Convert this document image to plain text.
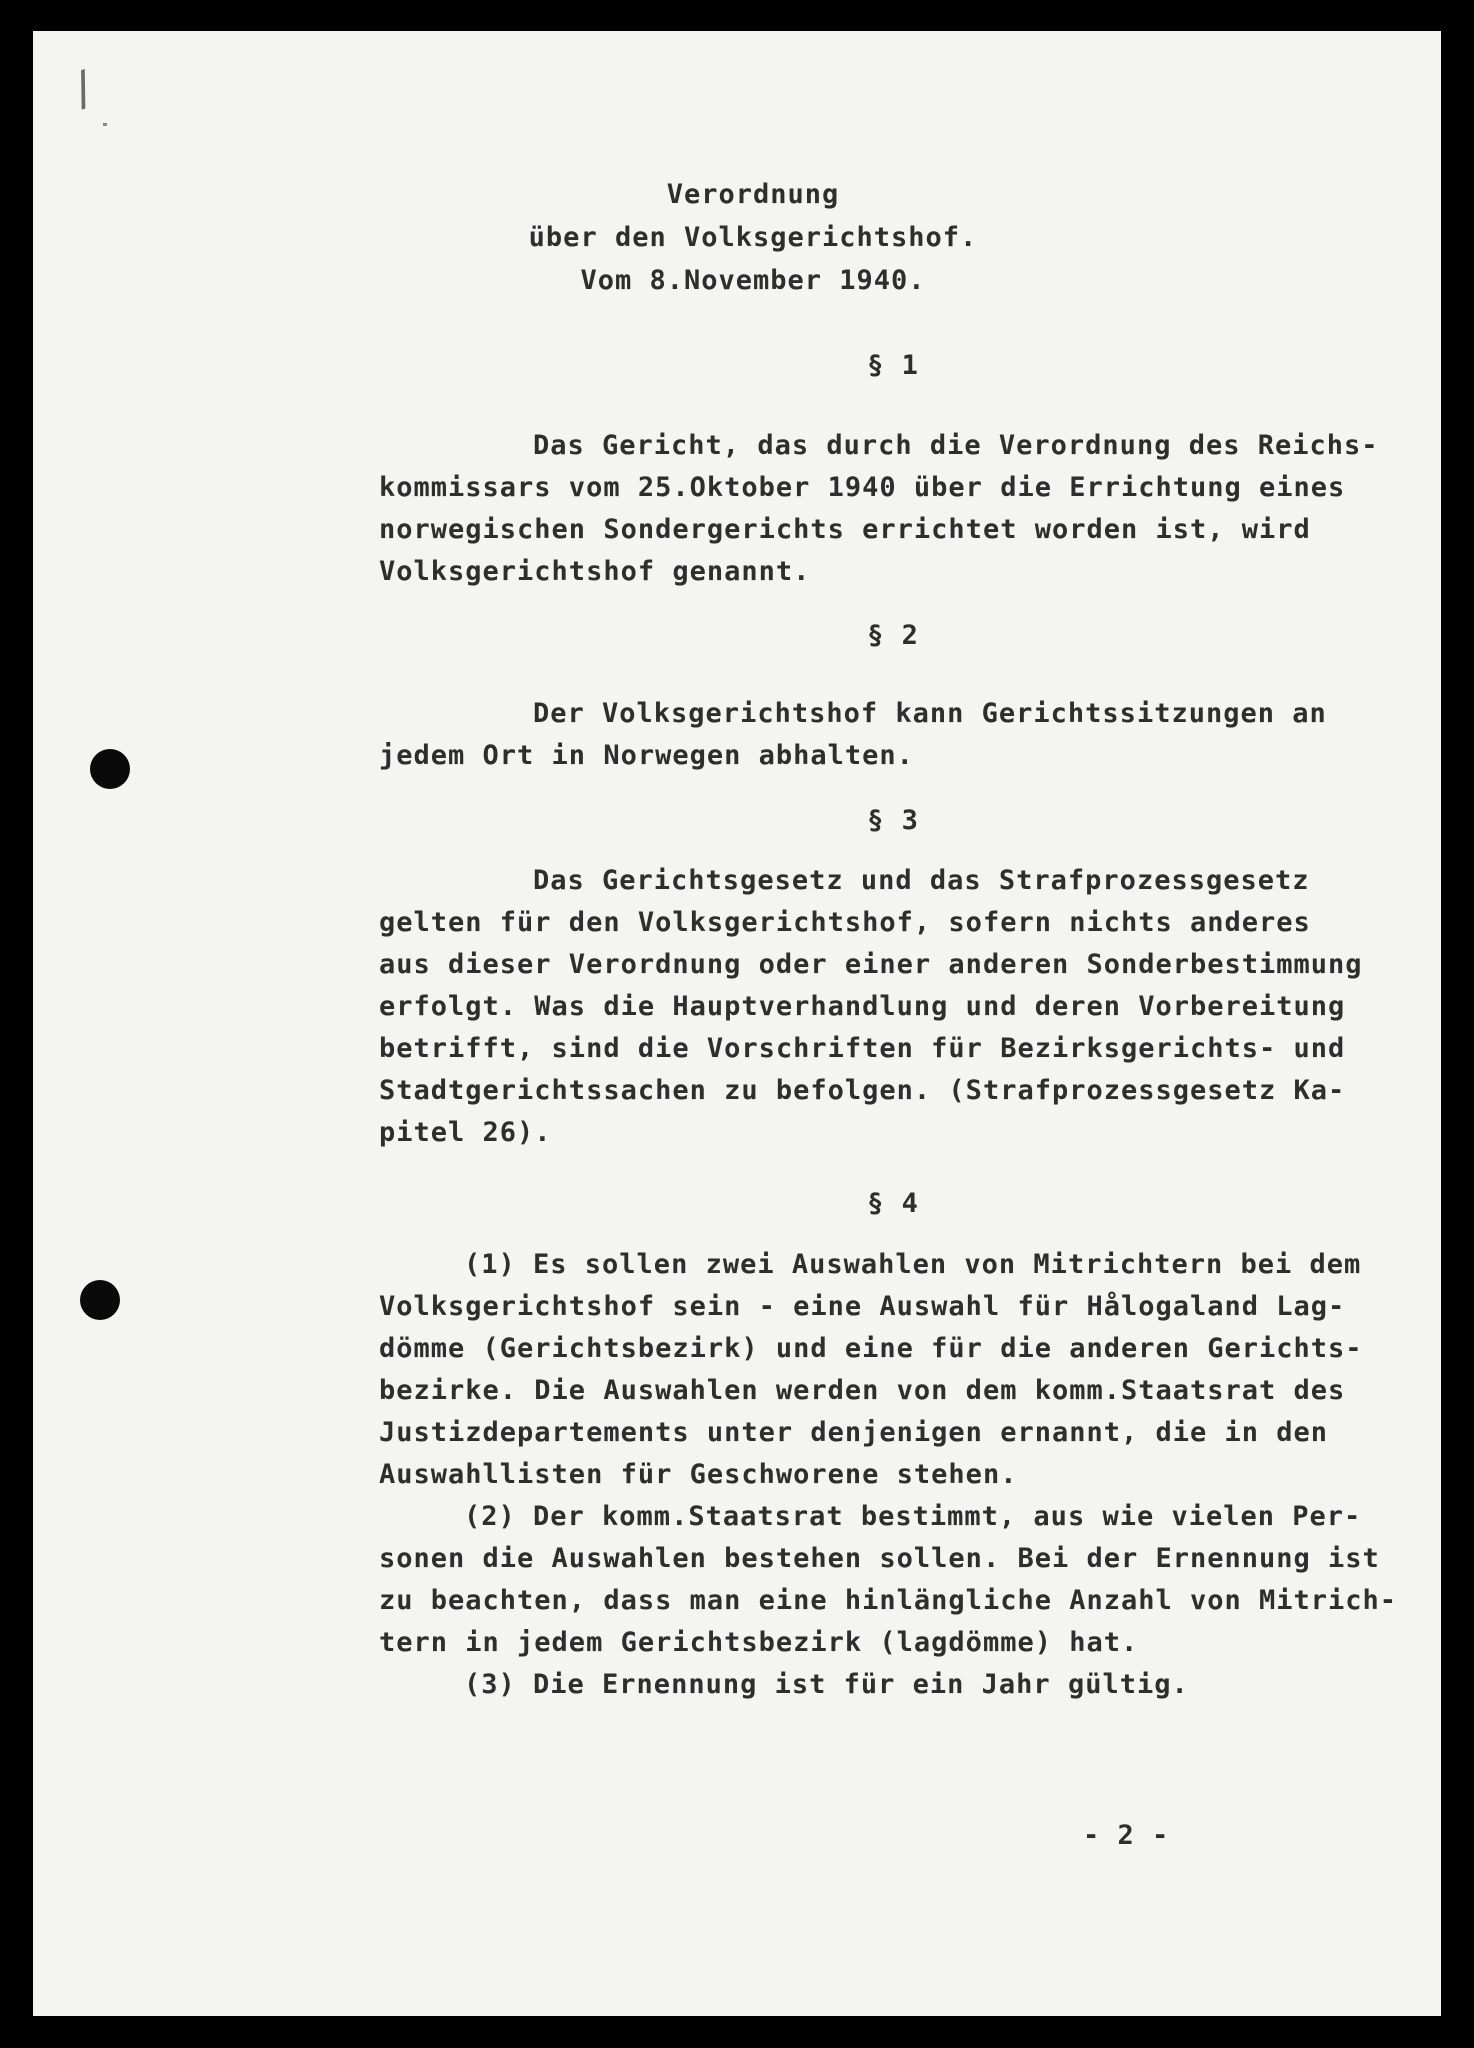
/
Verordnung
über den Volksgerichtshof.
Vom 8.November 1940.
§ 1
Das Gericht, das durch die Verordnung des Reichs-
kommissars vom 25.Oktober 1940 über die Errichtung eines
norwegischen Sondergerichts errichtet worden ist, wird
Volksgerichtshof genannt.
§ 2
Der Volksgerichtshof kann Gerichtssitzungen an
jedem Ort in Norwegen abhalten.
§ 3
Das Gerichtsgesetz und das Strafprozessgesetz
gelten für den Volksgerichtshof, sofern nichts anderes
aus dieser Verordnung oder einer anderen Sonderbestimmung
erfolgt. Was die Hauptverhandlung und deren Vorbereitung
betrifft, sind die Vorschriften für Bezirksgerichts- und
Stadtgerichtssachen zu befolgen. (Strafprozessgesetz Ka-
pitel 26).
§ 4
(1) Es sollen zwei Auswahlen von Mitrichtern bei dem
Volksgerichtshof sein - eine Auswahl für Hålogaland Lag-
dömme (Gerichtsbezirk) und eine für die anderen Gerichts-
bezirke. Die Auswahlen werden von dem komm.Staatsrat des
Justizdepartements unter denjenigen ernannt, die in den
Auswahllisten für Geschworene stehen.
(2) Der komm.Staatsrat bestimmt, aus wie vielen Per-
sonen die Auswahlen bestehen sollen. Bei der Ernennung ist
zu beachten, dass man eine hinlängliche Anzahl von Mitrich-
tern in jedem Gerichtsbezirk (lagdömme) hat.
(3) Die Ernennung ist für ein Jahr gültig.
- 2 -
